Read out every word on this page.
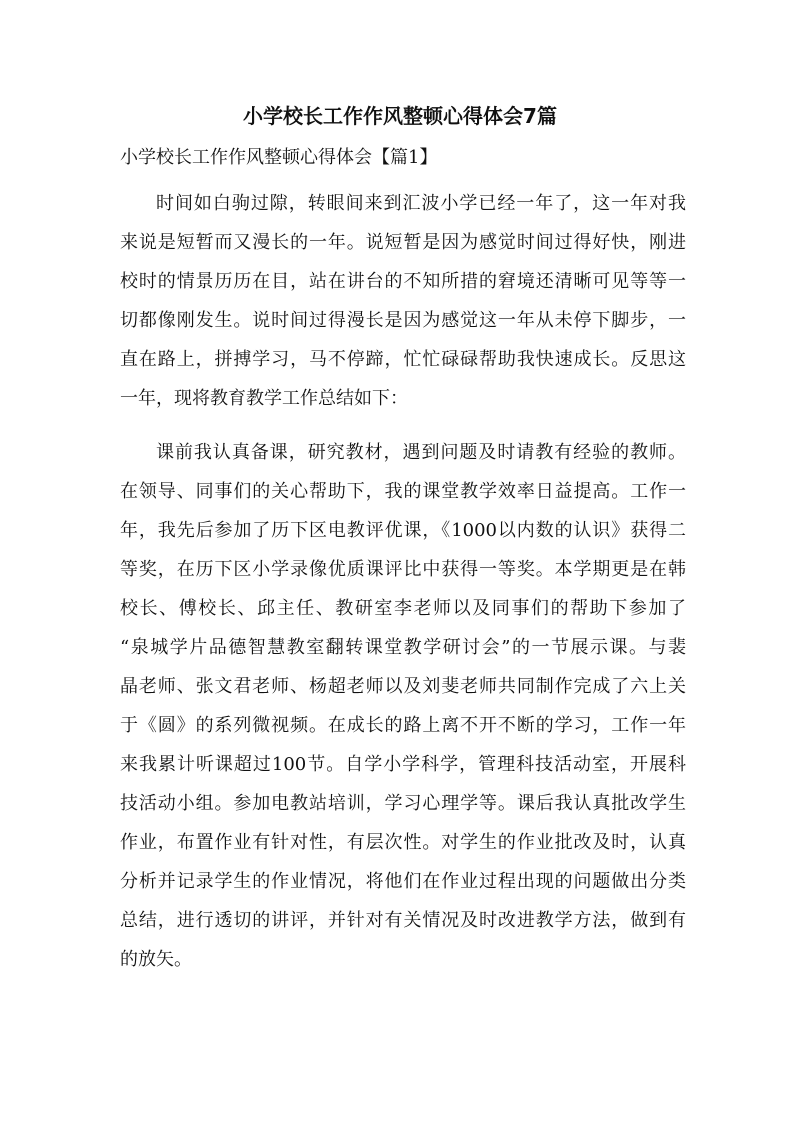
小学校长工作作风整顿心得体会7篇

小学校长工作作风整顿心得体会【篇1】

时间如白驹过隙，转眼间来到汇波小学已经一年了，这一年对我

来说是短暂而又漫长的一年。说短暂是因为感觉时间过得好快，刚进

校时的情景历历在目，站在讲台的不知所措的窘境还清晰可见等等一

切都像刚发生。说时间过得漫长是因为感觉这一年从未停下脚步，一

直在路上，拼搏学习，马不停蹄，忙忙碌碌帮助我快速成长。反思这

一年，现将教育教学工作总结如下：

课前我认真备课，研究教材，遇到问题及时请教有经验的教师。

在领导、同事们的关心帮助下，我的课堂教学效率日益提高。工作一

年，我先后参加了历下区电教评优课，《1000以内数的认识》获得二

等奖，在历下区小学录像优质课评比中获得一等奖。本学期更是在韩

校长、傅校长、邱主任、教研室李老师以及同事们的帮助下参加了

“泉城学片品德智慧教室翻转课堂教学研讨会”的一节展示课。与裴

晶老师、张文君老师、杨超老师以及刘斐老师共同制作完成了六上关

于《圆》的系列微视频。在成长的路上离不开不断的学习，工作一年

来我累计听课超过100节。自学小学科学，管理科技活动室，开展科

技活动小组。参加电教站培训，学习心理学等。课后我认真批改学生

作业，布置作业有针对性，有层次性。对学生的作业批改及时，认真

分析并记录学生的作业情况，将他们在作业过程出现的问题做出分类

总结，进行透切的讲评，并针对有关情况及时改进教学方法，做到有

的放矢。
